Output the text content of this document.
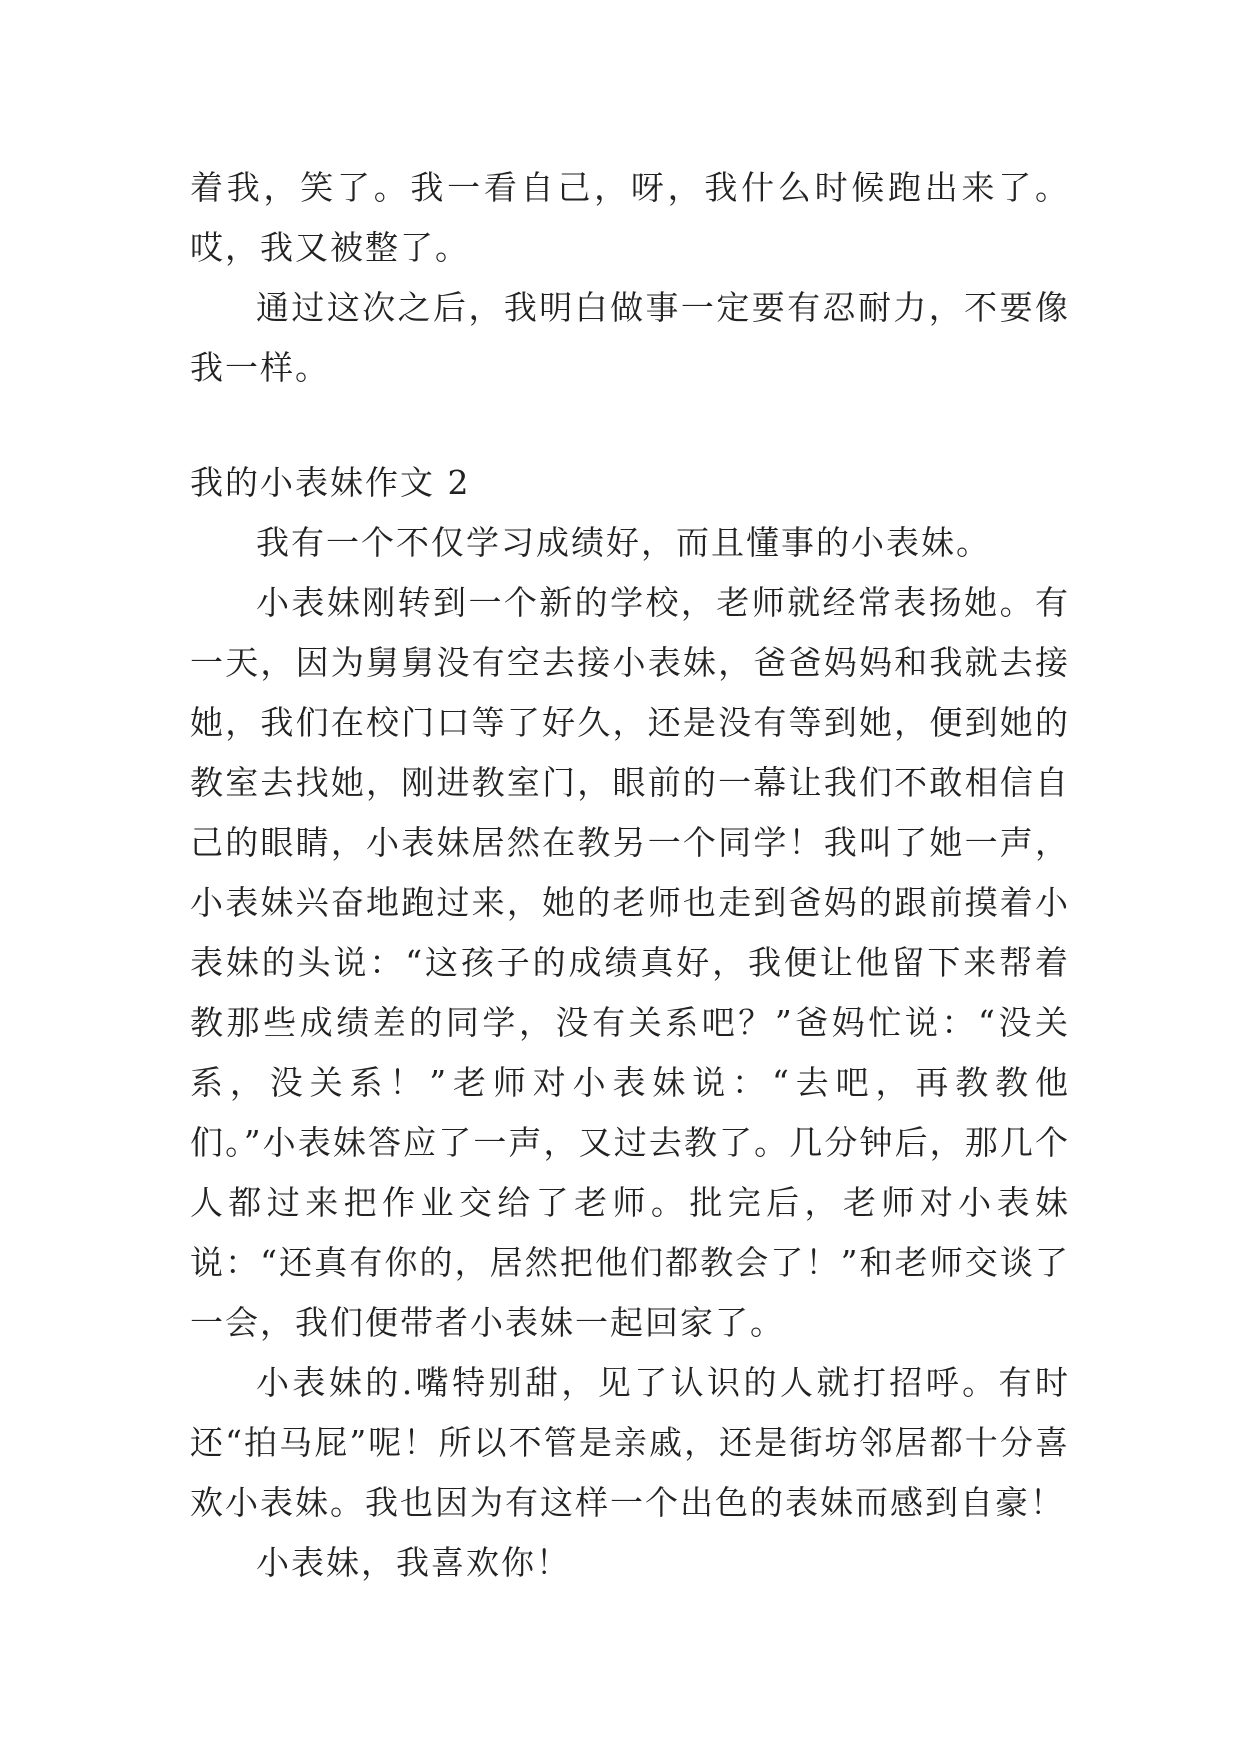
着我，笑了。我一看自己，呀，我什么时候跑出来了。哎，我又被整了。

通过这次之后，我明白做事一定要有忍耐力，不要像我一样。

我的小表妹作文 2

我有一个不仅学习成绩好，而且懂事的小表妹。

小表妹刚转到一个新的学校，老师就经常表扬她。有一天，因为舅舅没有空去接小表妹，爸爸妈妈和我就去接她，我们在校门口等了好久，还是没有等到她，便到她的教室去找她，刚进教室门，眼前的一幕让我们不敢相信自己的眼睛，小表妹居然在教另一个同学！我叫了她一声，小表妹兴奋地跑过来，她的老师也走到爸妈的跟前摸着小表妹的头说：“这孩子的成绩真好，我便让他留下来帮着教那些成绩差的同学，没有关系吧？”爸妈忙说：“没关系，没关系！”老师对小表妹说：“去吧，再教教他们。”小表妹答应了一声，又过去教了。几分钟后，那几个人都过来把作业交给了老师。批完后，老师对小表妹说：“还真有你的，居然把他们都教会了！”和老师交谈了一会，我们便带者小表妹一起回家了。

小表妹的.嘴特别甜，见了认识的人就打招呼。有时还“拍马屁”呢！所以不管是亲戚，还是街坊邻居都十分喜欢小表妹。我也因为有这样一个出色的表妹而感到自豪！

小表妹，我喜欢你！
